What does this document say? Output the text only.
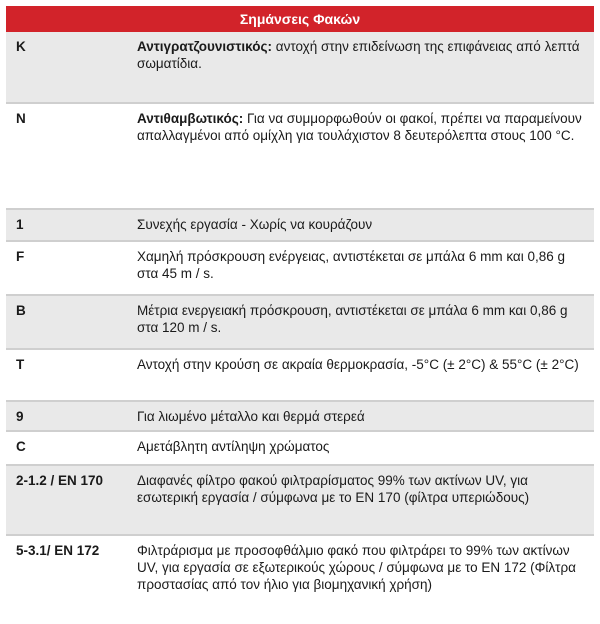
Σημάνσεις Φακών
K	Αντιγρατζουνιστικός: αντοχή στην επιδείνωση της επιφάνειας από λεπτά σωματίδια.
N	Αντιθαμβωτικός: Για να συμμορφωθούν οι φακοί, πρέπει να παραμείνουν
απαλλαγμένοι από ομίχλη για τουλάχιστον 8 δευτερόλεπτα στους 100 °C.
1	Συνεχής εργασία - Χωρίς να κουράζουν
F	Χαμηλή πρόσκρουση ενέργειας, αντιστέκεται σε μπάλα 6 mm και 0,86 g στα 45 m / s.
B	Μέτρια ενεργειακή πρόσκρουση, αντιστέκεται σε μπάλα 6 mm και 0,86 g στα 120 m / s.
T	Αντοχή στην κρούση σε ακραία θερμοκρασία, -5°C (± 2°C) & 55°C (± 2°C)
9	Για λιωμένο μέταλλο και θερμά στερεά
C	Αμετάβλητη αντίληψη χρώματος
2-1.2 / EN 170	Διαφανές φίλτρο φακού φιλτραρίσματος 99% των ακτίνων UV, για εσωτερική εργασία / σύμφωνα με το EN 170 (φίλτρα υπεριώδους)
5-3.1/ EN 172	Φιλτράρισμα με προσοφθάλμιο φακό που φιλτράρει το 99% των ακτίνων UV, για εργασία σε εξωτερικούς χώρους / σύμφωνα με το EN 172 (Φίλτρα προστασίας από τον ήλιο για βιομηχανική χρήση)
